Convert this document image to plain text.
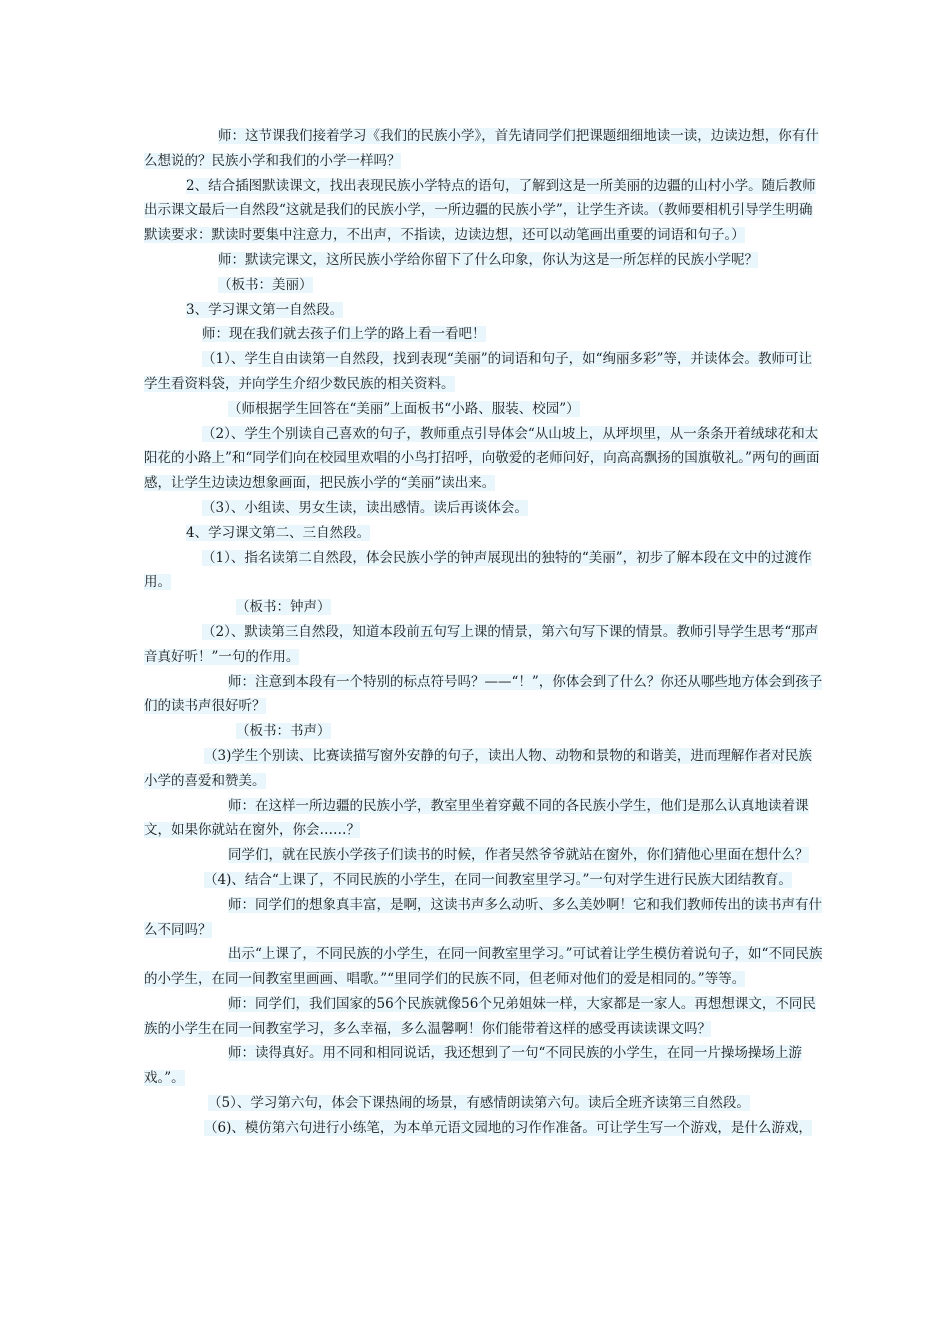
师：这节课我们接着学习《我们的民族小学》，首先请同学们把课题细细地读一读，边读边想，你有什么想说的？民族小学和我们的小学一样吗？

2、结合插图默读课文，找出表现民族小学特点的语句，了解到这是一所美丽的边疆的山村小学。随后教师出示课文最后一自然段“这就是我们的民族小学，一所边疆的民族小学”，让学生齐读。（教师要相机引导学生明确默读要求：默读时要集中注意力，不出声，不指读，边读边想，还可以动笔画出重要的词语和句子。）

师：默读完课文，这所民族小学给你留下了什么印象，你认为这是一所怎样的民族小学呢？

（板书：美丽）

3、学习课文第一自然段。

师：现在我们就去孩子们上学的路上看一看吧！

（1）、学生自由读第一自然段，找到表现“美丽”的词语和句子，如“绚丽多彩”等，并读体会。教师可让学生看资料袋，并向学生介绍少数民族的相关资料。

（师根据学生回答在“美丽”上面板书“小路、服装、校园”）

（2）、学生个别读自己喜欢的句子，教师重点引导体会“从山坡上，从坪坝里，从一条条开着绒球花和太阳花的小路上”和“同学们向在校园里欢唱的小鸟打招呼，向敬爱的老师问好，向高高飘扬的国旗敬礼。”两句的画面感，让学生边读边想象画面，把民族小学的“美丽”读出来。

（3）、小组读、男女生读，读出感情。读后再谈体会。

4、学习课文第二、三自然段。

（1）、指名读第二自然段，体会民族小学的钟声展现出的独特的“美丽”，初步了解本段在文中的过渡作用。

（板书：钟声）

（2）、默读第三自然段，知道本段前五句写上课的情景，第六句写下课的情景。教师引导学生思考“那声音真好听！”一句的作用。

师：注意到本段有一个特别的标点符号吗？——“！”，你体会到了什么？你还从哪些地方体会到孩子们的读书声很好听？

（板书：书声）

（3)学生个别读、比赛读描写窗外安静的句子，读出人物、动物和景物的和谐美，进而理解作者对民族小学的喜爱和赞美。

师：在这样一所边疆的民族小学，教室里坐着穿戴不同的各民族小学生，他们是那么认真地读着课文，如果你就站在窗外，你会……？

同学们，就在民族小学孩子们读书的时候，作者吴然爷爷就站在窗外，你们猜他心里面在想什么？

（4)、结合“上课了，不同民族的小学生，在同一间教室里学习。”一句对学生进行民族大团结教育。

师：同学们的想象真丰富，是啊，这读书声多么动听、多么美妙啊！它和我们教师传出的读书声有什么不同吗？

出示“上课了，不同民族的小学生，在同一间教室里学习。”可试着让学生模仿着说句子，如“不同民族的小学生，在同一间教室里画画、唱歌。”“里同学们的民族不同，但老师对他们的爱是相同的。”等等。

师：同学们，我们国家的56个民族就像56个兄弟姐妹一样，大家都是一家人。再想想课文，不同民族的小学生在同一间教室学习，多么幸福，多么温馨啊！你们能带着这样的感受再读读课文吗？

师：读得真好。用不同和相同说话，我还想到了一句“不同民族的小学生，在同一片操场操场上游戏。”。

（5）、学习第六句，体会下课热闹的场景，有感情朗读第六句。读后全班齐读第三自然段。

（6)、模仿第六句进行小练笔，为本单元语文园地的习作作准备。可让学生写一个游戏，是什么游戏，
